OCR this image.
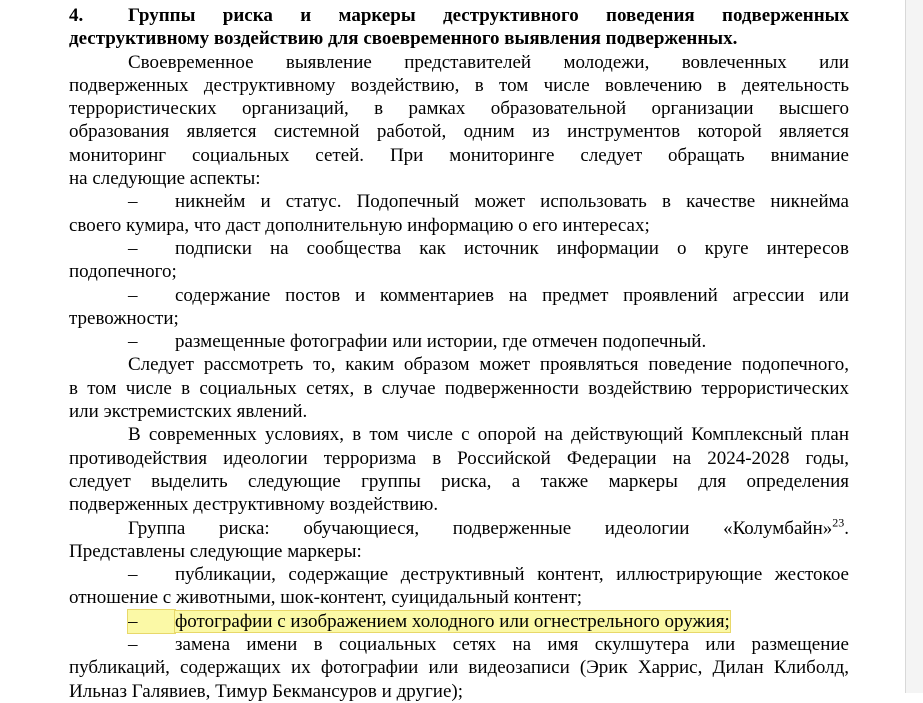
4. Группы риска и маркеры деструктивного поведения подверженных

деструктивному воздействию для своевременного выявления подверженных.

Своевременное выявление представителей молодежи, вовлеченных или

подверженных деструктивному воздействию, в том числе вовлечению в деятельность

террористических организаций, в рамках образовательной организации высшего

образования является системной работой, одним из инструментов которой является

мониторинг социальных сетей. При мониторинге следует обращать внимание

на следующие аспекты:

–	никнейм и статус. Подопечный может использовать в качестве никнейма

своего кумира, что даст дополнительную информацию о его интересах;

–	подписки на сообщества как источник информации о круге интересов

подопечного;

–	содержание постов и комментариев на предмет проявлений агрессии или

тревожности;

–	размещенные фотографии или истории, где отмечен подопечный.

Следует рассмотреть то, каким образом может проявляться поведение подопечного,

в том числе в социальных сетях, в случае подверженности воздействию террористических

или экстремистских явлений.

В современных условиях, в том числе с опорой на действующий Комплексный план

противодействия идеологии терроризма в Российской Федерации на 2024-2028 годы,

следует выделить следующие группы риска, а также маркеры для определения

подверженных деструктивному воздействию.

Группа риска: обучающиеся, подверженные идеологии «Колумбайн»$^{23}$.

Представлены следующие маркеры:

–	публикации, содержащие деструктивный контент, иллюстрирующие жестокое

отношение с животными, шок-контент, суицидальный контент;

–	фотографии с изображением холодного или огнестрельного оружия;
–	замена имени в социальных сетях на имя скулшутера или размещение

публикаций, содержащих их фотографии или видеозаписи (Эрик Харрис, Дилан Клиболд,

Ильназ Галявиев, Тимур Бекмансуров и другие);
